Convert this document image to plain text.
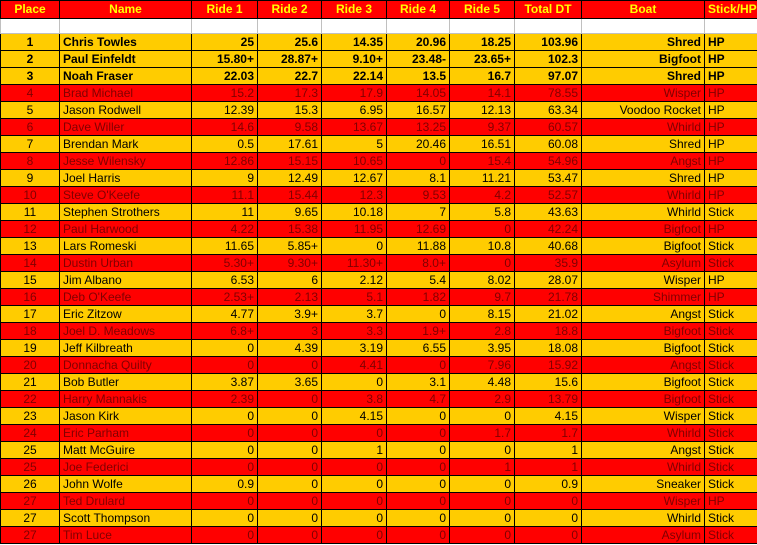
Place	Name	Ride 1	Ride 2	Ride 3	Ride 4	Ride 5	Total DT	Boat	Stick/HP

1	Chris Towles	25	25.6	14.35	20.96	18.25	103.96	Shred	HP
2	Paul Einfeldt	15.80+	28.87+	9.10+	23.48-	23.65+	102.3	Bigfoot	HP
3	Noah Fraser	22.03	22.7	22.14	13.5	16.7	97.07	Shred	HP
4	Brad Michael	15.2	17.3	17.9	14.05	14.1	78.55	Wisper	HP
5	Jason Rodwell	12.39	15.3	6.95	16.57	12.13	63.34	Voodoo Rocket	HP
6	Dave Willer	14.6	9.58	13.67	13.25	9.37	60.57	Whirld	HP
7	Brendan Mark	0.5	17.61	5	20.46	16.51	60.08	Shred	HP
8	Jesse Wilensky	12.86	15.15	10.65	0	15.4	54.96	Angst	HP
9	Joel Harris	9	12.49	12.67	8.1	11.21	53.47	Shred	HP
10	Steve O'Keefe	11.1	15.44	12.3	9.53	4.2	52.57	Whirld	HP
11	Stephen Strothers	11	9.65	10.18	7	5.8	43.63	Whirld	Stick
12	Paul Harwood	4.22	15.38	11.95	12.69	0	42.24	Bigfoot	HP
13	Lars Romeski	11.65	5.85+	0	11.88	10.8	40.68	Bigfoot	Stick
14	Dustin Urban	5.30+	9.30+	11.30+	8.0+	0	35.9	Asylum	Stick
15	Jim Albano	6.53	6	2.12	5.4	8.02	28.07	Wisper	HP
16	Deb O'Keefe	2.53+	2.13	5.1	1.82	9.7	21.78	Shimmer	HP
17	Eric Zitzow	4.77	3.9+	3.7	0	8.15	21.02	Angst	Stick
18	Joel D. Meadows	6.8+	3	3.3	1.9+	2.8	18.8	Bigfoot	Stick
19	Jeff Kilbreath	0	4.39	3.19	6.55	3.95	18.08	Bigfoot	Stick
20	Donnacha Quilty	0	0	4.41	0	7.96	15.92	Angst	Stick
21	Bob Butler	3.87	3.65	0	3.1	4.48	15.6	Bigfoot	Stick
22	Harry Mannakis	2.39	0	3.8	4.7	2.9	13.79	Bigfoot	Stick
23	Jason Kirk	0	0	4.15	0	0	4.15	Wisper	Stick
24	Eric Parham	0	0	0	0	1.7	1.7	Whirld	Stick
25	Matt McGuire	0	0	1	0	0	1	Angst	Stick
25	Joe Federici	0	0	0	0	1	1	Whirld	Stick
26	John Wolfe	0.9	0	0	0	0	0.9	Sneaker	Stick
27	Ted Drulard	0	0	0	0	0	0	Wisper	HP
27	Scott Thompson	0	0	0	0	0	0	Whirld	Stick
27	Tim Luce	0	0	0	0	0	0	Asylum	Stick
